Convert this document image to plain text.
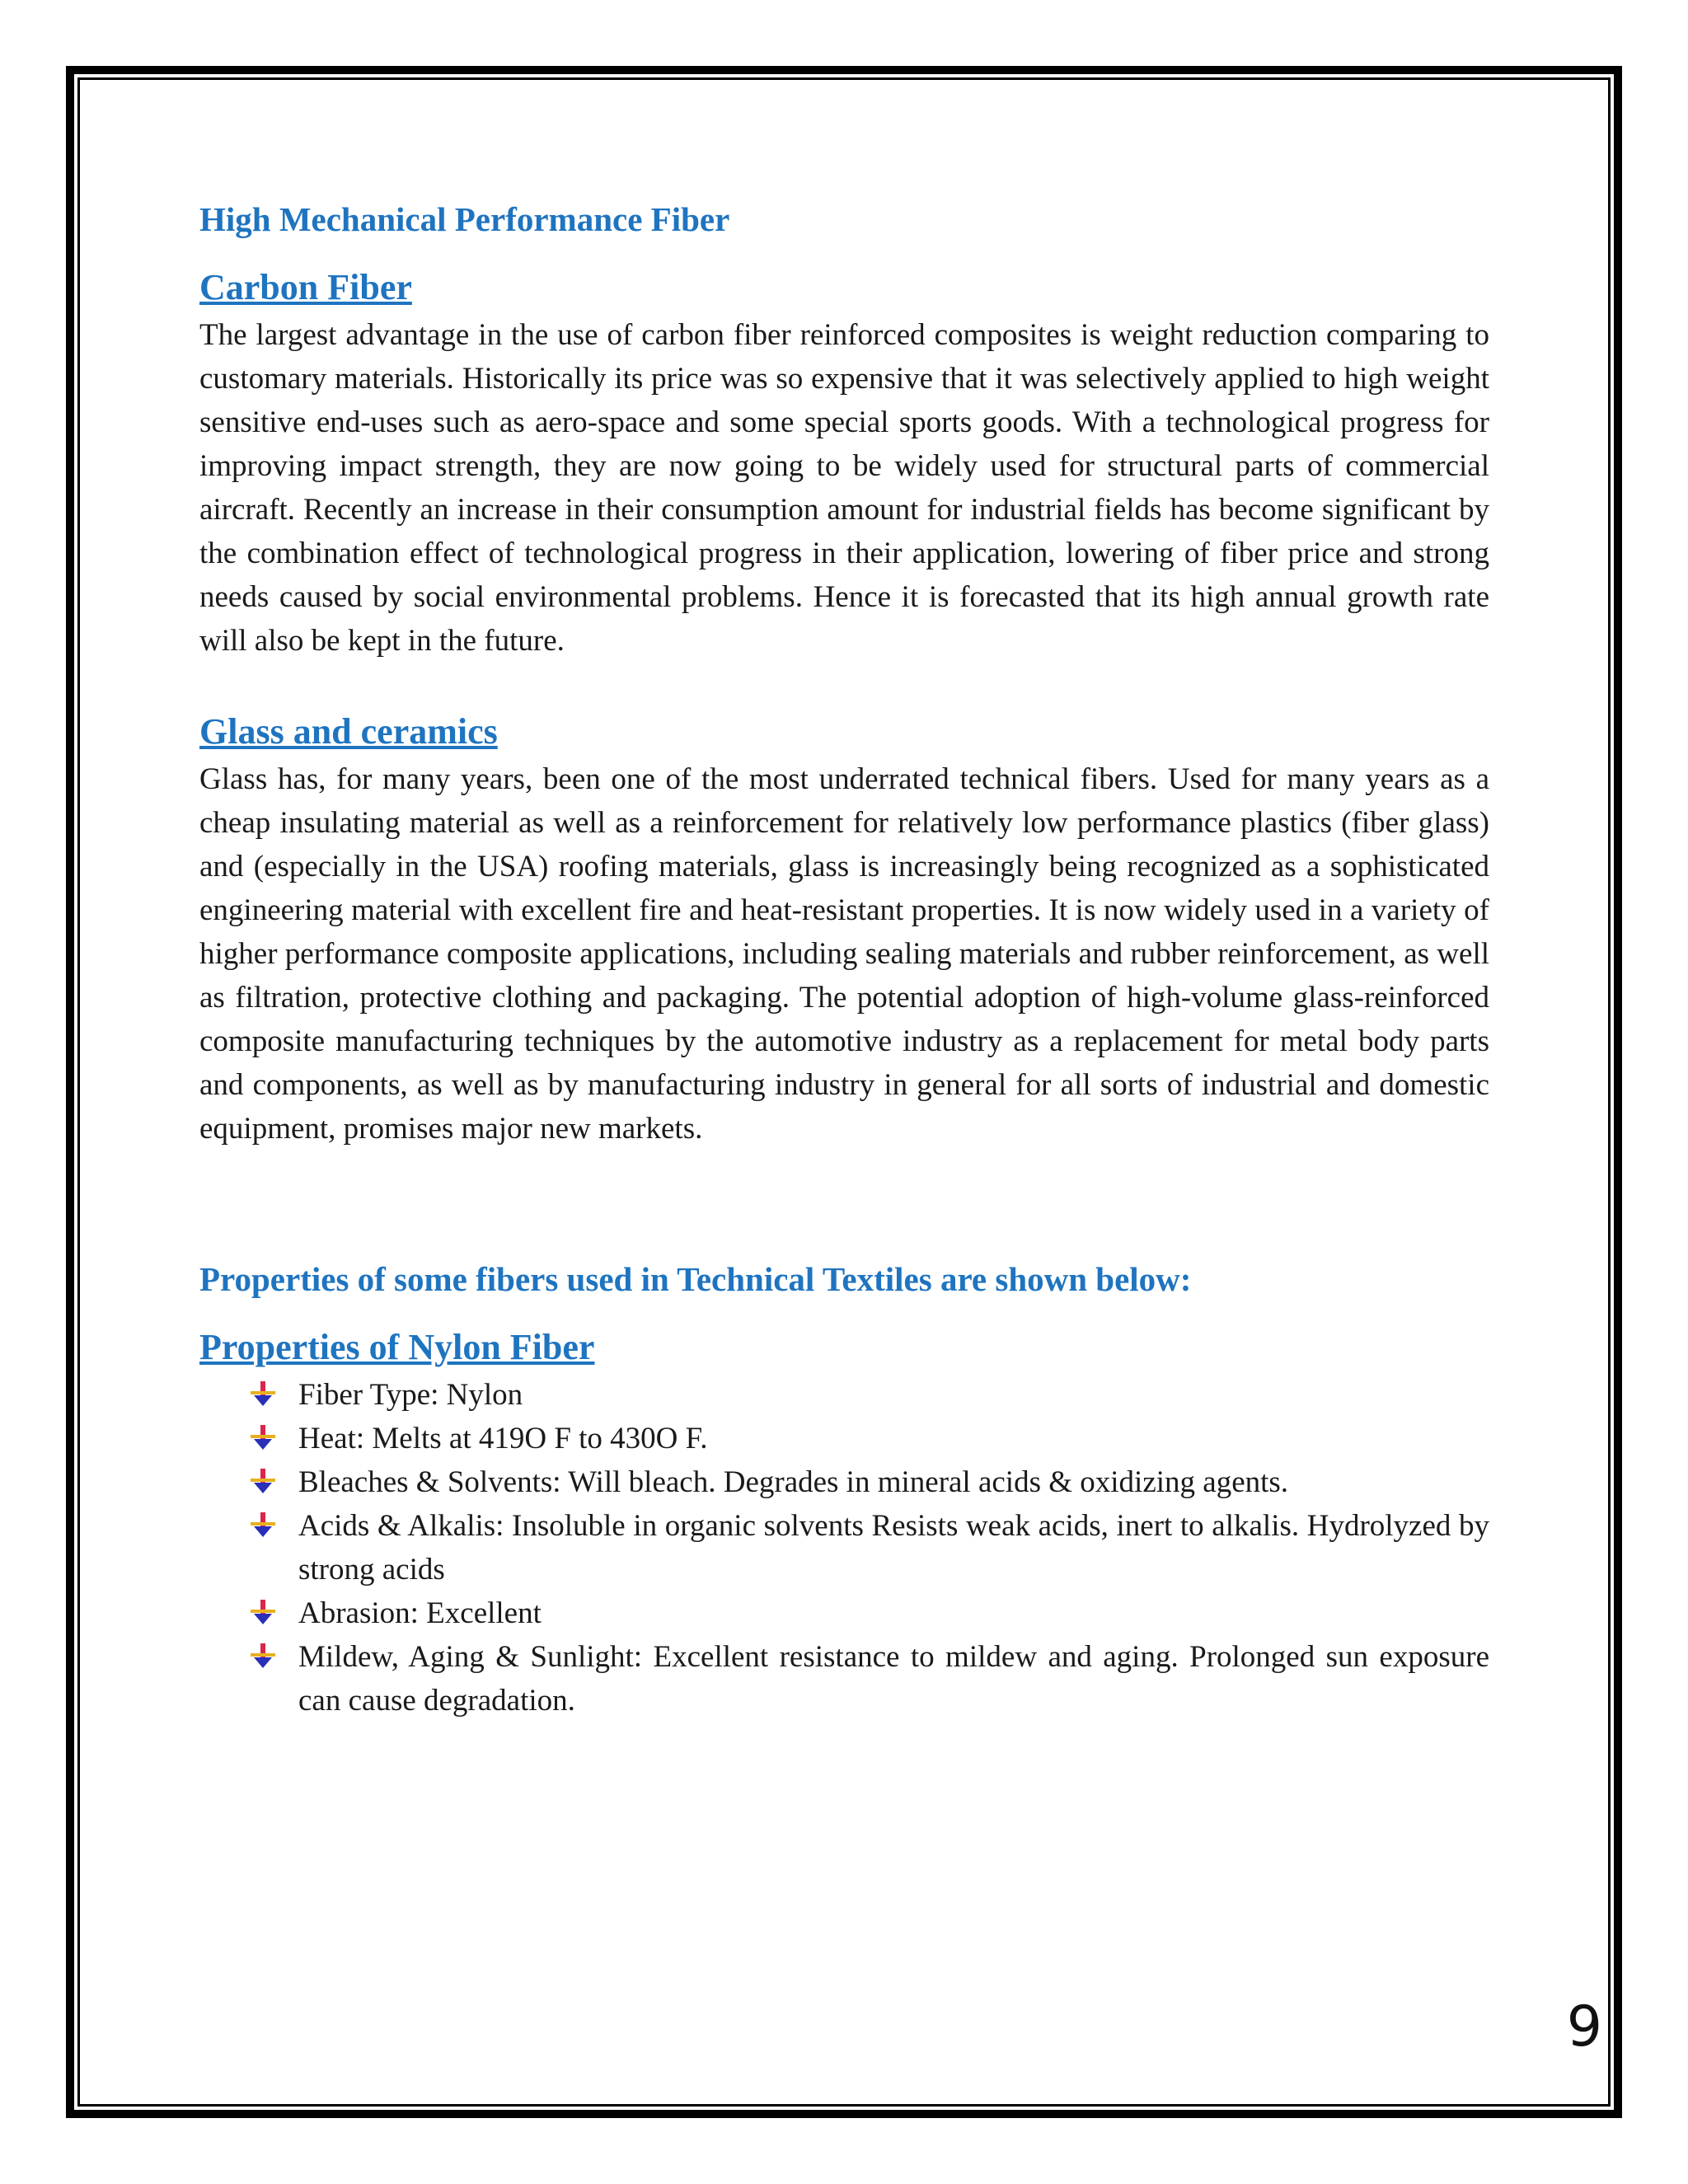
High Mechanical Performance Fiber
Carbon Fiber

The largest advantage in the use of carbon fiber reinforced composites is weight reduction comparing to customary materials. Historically its price was so expensive that it was selectively applied to high weight sensitive end-uses such as aero-space and some special sports goods. With a technological progress for improving impact strength, they are now going to be widely used for structural parts of commercial aircraft. Recently an increase in their consumption amount for industrial fields has become significant by the combination effect of technological progress in their application, lowering of fiber price and strong needs caused by social environmental problems. Hence it is forecasted that its high annual growth rate will also be kept in the future.

Glass and ceramics

Glass has, for many years, been one of the most underrated technical fibers. Used for many years as a cheap insulating material as well as a reinforcement for relatively low performance plastics (fiber glass) and (especially in the USA) roofing materials, glass is increasingly being recognized as a sophisticated engineering material with excellent fire and heat-resistant properties. It is now widely used in a variety of higher performance composite applications, including sealing materials and rubber reinforcement, as well as filtration, protective clothing and packaging. The potential adoption of high-volume glass-reinforced composite manufacturing techniques by the automotive industry as a replacement for metal body parts and components, as well as by manufacturing industry in general for all sorts of industrial and domestic equipment, promises major new markets.

Properties of some fibers used in Technical Textiles are shown below:
Properties of Nylon Fiber
Fiber Type: Nylon
Heat: Melts at 419O F to 430O F.
Bleaches & Solvents: Will bleach. Degrades in mineral acids & oxidizing agents.
Acids & Alkalis: Insoluble in organic solvents Resists weak acids, inert to alkalis. Hydrolyzed by strong acids
Abrasion: Excellent
Mildew, Aging & Sunlight: Excellent resistance to mildew and aging. Prolonged sun exposure can cause degradation.
9
